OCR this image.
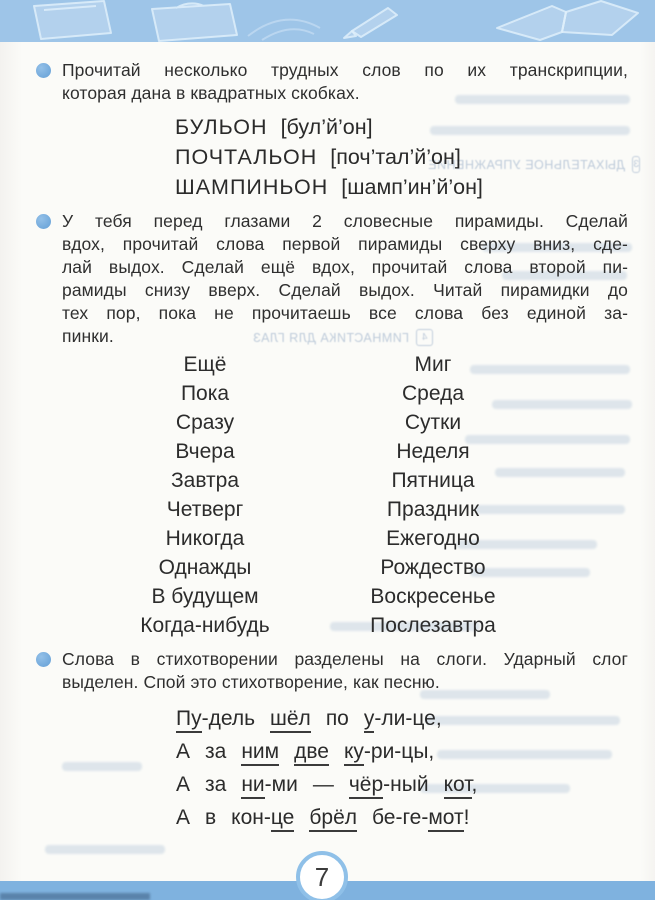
3
ДЫХАТЕЛЬНОЕ УПРАЖНЕНИЕ
4
ГИМНАСТИКА ДЛЯ ГЛАЗ
Прочитай несколько трудных слов по их транскрипции,
которая дана в квадратных скобках.
БУЛЬОН [бул’й’он]
ПОЧТАЛЬОН [поч’тал’й’он]
ШАМПИНЬОН [шамп’ин’й’он]
У тебя перед глазами 2 словесные пирамиды. Сделай
вдох, прочитай слова первой пирамиды сверху вниз, сде-
лай выдох. Сделай ещё вдох, прочитай слова второй пи-
рамиды снизу вверх. Сделай выдох. Читай пирамидки до
тех пор, пока не прочитаешь все слова без единой за-
пинки.
Ещё
Пока
Сразу
Вчера
Завтра
Четверг
Никогда
Однажды
В будущем
Когда-нибудь
Миг
Среда
Сутки
Неделя
Пятница
Праздник
Ежегодно
Рождество
Воскресенье
Послезавтра
Слова в стихотворении разделены на слоги. Ударный слог
выделен. Спой это стихотворение, как песню.
Пу-дель шёл по у-ли-це,
А за ним две ку-ри-цы,
А за ни-ми — чёр-ный кот,
А в кон-це брёл бе-ге-мот!
7
